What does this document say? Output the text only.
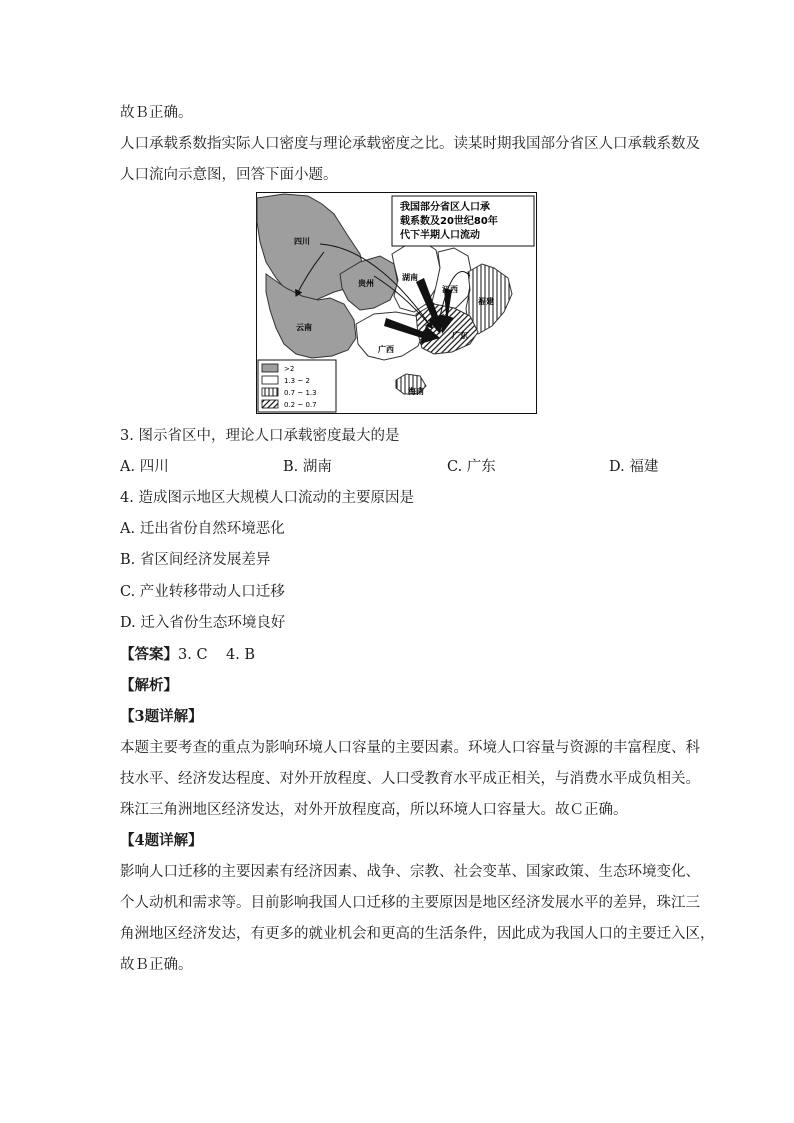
故Ｂ正确。
人口承载系数指实际人口密度与理论承载密度之比。读某时期我国部分省区人口承载系数及
人口流向示意图，回答下面小题。
四川
贵州
云南
湖南
江西
福建
广西
广东
海南
我国部分省区人口承
载系数及20世纪80年
代下半期人口流动
>2
1.3 ~ 2
0.7 ~ 1.3
0.2 ~ 0.7
3. 图示省区中，理论人口承载密度最大的是
A. 四川	B. 湖南	C. 广东	D. 福建
4. 造成图示地区大规模人口流动的主要原因是
A. 迁出省份自然环境恶化
B. 省区间经济发展差异
C. 产业转移带动人口迁移
D. 迁入省份生态环境良好
【答案】3. C    4. B
【解析】
【3题详解】
本题主要考查的重点为影响环境人口容量的主要因素。环境人口容量与资源的丰富程度、科
技水平、经济发达程度、对外开放程度、人口受教育水平成正相关，与消费水平成负相关。
珠江三角洲地区经济发达，对外开放程度高，所以环境人口容量大。故Ｃ正确。
【4题详解】
影响人口迁移的主要因素有经济因素、战争、宗教、社会变革、国家政策、生态环境变化、
个人动机和需求等。目前影响我国人口迁移的主要原因是地区经济发展水平的差异，珠江三
角洲地区经济发达，有更多的就业机会和更高的生活条件，因此成为我国人口的主要迁入区，
故Ｂ正确。
